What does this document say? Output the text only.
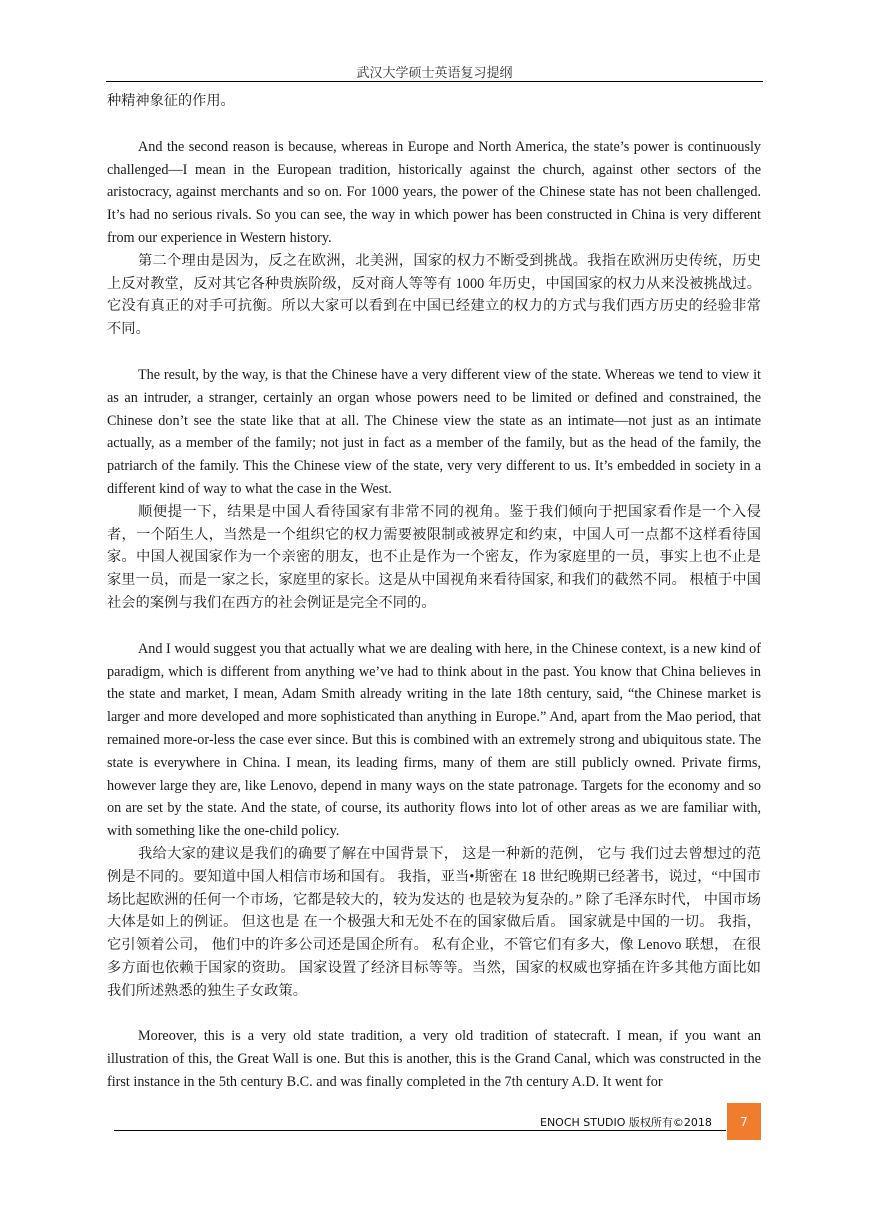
武汉大学硕士英语复习提纲

种精神象征的作用。

And the second reason is because, whereas in Europe and North America, the state’s power is continuously challenged—I mean in the European tradition, historically against the church, against other sectors of the aristocracy, against merchants and so on. For 1000 years, the power of the Chinese state has not been challenged. It’s had no serious rivals. So you can see, the way in which power has been constructed in China is very different from our experience in Western history.

第二个理由是因为，反之在欧洲，北美洲，国家的权力不断受到挑战。我指在欧洲历史传统，历史上反对教堂，反对其它各种贵族阶级，反对商人等等有 1000 年历史，中国国家的权力从来没被挑战过。它没有真正的对手可抗衡。所以大家可以看到在中国已经建立的权力的方式与我们西方历史的经验非常不同。

The result, by the way, is that the Chinese have a very different view of the state. Whereas we tend to view it as an intruder, a stranger, certainly an organ whose powers need to be limited or defined and constrained, the Chinese don’t see the state like that at all. The Chinese view the state as an intimate—not just as an intimate actually, as a member of the family; not just in fact as a member of the family, but as the head of the family, the patriarch of the family. This the Chinese view of the state, very very different to us. It’s embedded in society in a different kind of way to what the case in the West.

顺便提一下，结果是中国人看待国家有非常不同的视角。鉴于我们倾向于把国家看作是一个入侵者，一个陌生人，当然是一个组织它的权力需要被限制或被界定和约束，中国人可一点都不这样看待国家。中国人视国家作为一个亲密的朋友，也不止是作为一个密友，作为家庭里的一员，事实上也不止是家里一员，而是一家之长，家庭里的家长。这是从中国视角来看待国家, 和我们的截然不同。 根植于中国社会的案例与我们在西方的社会例证是完全不同的。

And I would suggest you that actually what we are dealing with here, in the Chinese context, is a new kind of paradigm, which is different from anything we’ve had to think about in the past. You know that China believes in the state and market, I mean, Adam Smith already writing in the late 18th century, said, “the Chinese market is larger and more developed and more sophisticated than anything in Europe.” And, apart from the Mao period, that remained more-or-less the case ever since. But this is combined with an extremely strong and ubiquitous state. The state is everywhere in China. I mean, its leading firms, many of them are still publicly owned. Private firms, however large they are, like Lenovo, depend in many ways on the state patronage. Targets for the economy and so on are set by the state. And the state, of course, its authority flows into lot of other areas as we are familiar with, with something like the one-child policy.

我给大家的建议是我们的确要了解在中国背景下， 这是一种新的范例， 它与 我们过去曾想过的范例是不同的。要知道中国人相信市场和国有。 我指，亚当•斯密在 18 世纪晚期已经著书，说过，“中国市场比起欧洲的任何一个市场，它都是较大的，较为发达的 也是较为复杂的。” 除了毛泽东时代， 中国市场大体是如上的例证。 但这也是 在一个极强大和无处不在的国家做后盾。 国家就是中国的一切。 我指，它引领着公司， 他们中的许多公司还是国企所有。 私有企业，不管它们有多大，像 Lenovo 联想， 在很多方面也依赖于国家的资助。 国家设置了经济目标等等。当然，国家的权威也穿插在许多其他方面比如我们所述熟悉的独生子女政策。

Moreover, this is a very old state tradition, a very old tradition of statecraft. I mean, if you want an illustration of this, the Great Wall is one. But this is another, this is the Grand Canal, which was constructed in the first instance in the 5th century B.C. and was finally completed in the 7th century A.D. It went for

ENOCH STUDIO 版权所有©2018 7
